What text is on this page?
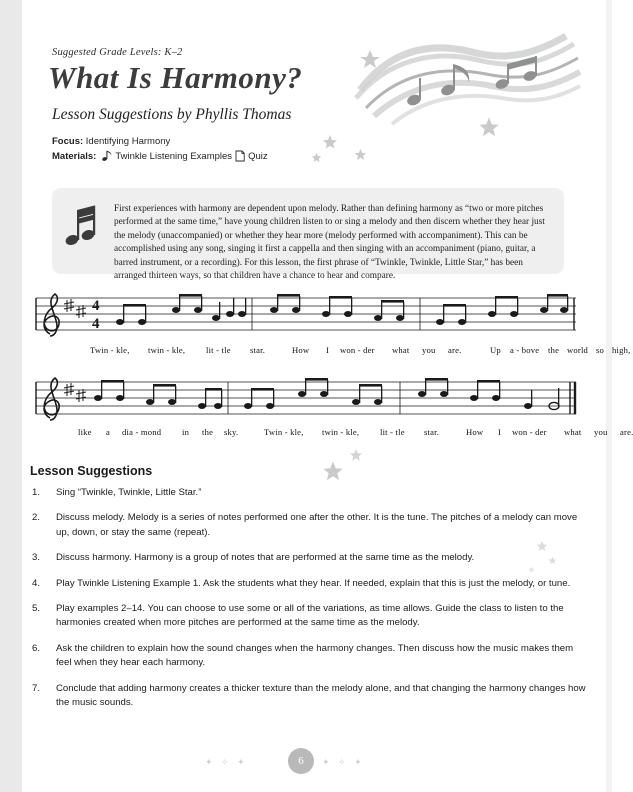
Suggested Grade Levels: K–2
What Is Harmony?
Lesson Suggestions by Phyllis Thomas
Focus: Identifying Harmony
Materials: Twinkle Listening Examples Quiz

First experiences with harmony are dependent upon melody. Rather than defining harmony as “two or more pitches performed at the same time,” have young children listen to or sing a melody and then discern whether they hear just the melody (unaccompanied) or whether they hear more (melody performed with accompaniment). This can be accomplished using any song, singing it first a cappella and then singing with an accompaniment (piano, guitar, a barred instrument, or a recording). For this lesson, the first phrase of “Twinkle, Twinkle, Little Star,” has been arranged thirteen ways, so that children have a chance to hear and compare.

4
4
Twin - kle, twin - kle, lit - tle star.	How I won - der what you are.	Up a - bove the world so high,
like a dia - mond in the sky.	Twin - kle, twin - kle, lit - tle star.	How I won - der what you are.
Lesson Suggestions
1.	Sing “Twinkle, Twinkle, Little Star.”
2.	Discuss melody. Melody is a series of notes performed one after the other. It is the tune. The pitches of a melody can move up, down, or stay the same (repeat).
3.	Discuss harmony. Harmony is a group of notes that are performed at the same time as the melody.
4.	Play Twinkle Listening Example 1. Ask the students what they hear. If needed, explain that this is just the melody, or tune.
5.	Play examples 2–14. You can choose to use some or all of the variations, as time allows. Guide the class to listen to the harmonies created when more pitches are performed at the same time as the melody.
6.	Ask the children to explain how the sound changes when the harmony changes. Then discuss how the music makes them feel when they hear each harmony.
7.	Conclude that adding harmony creates a thicker texture than the melody alone, and that changing the harmony changes how the music sounds.
✦ ✧ ✦	6	✦ ✧ ✦
